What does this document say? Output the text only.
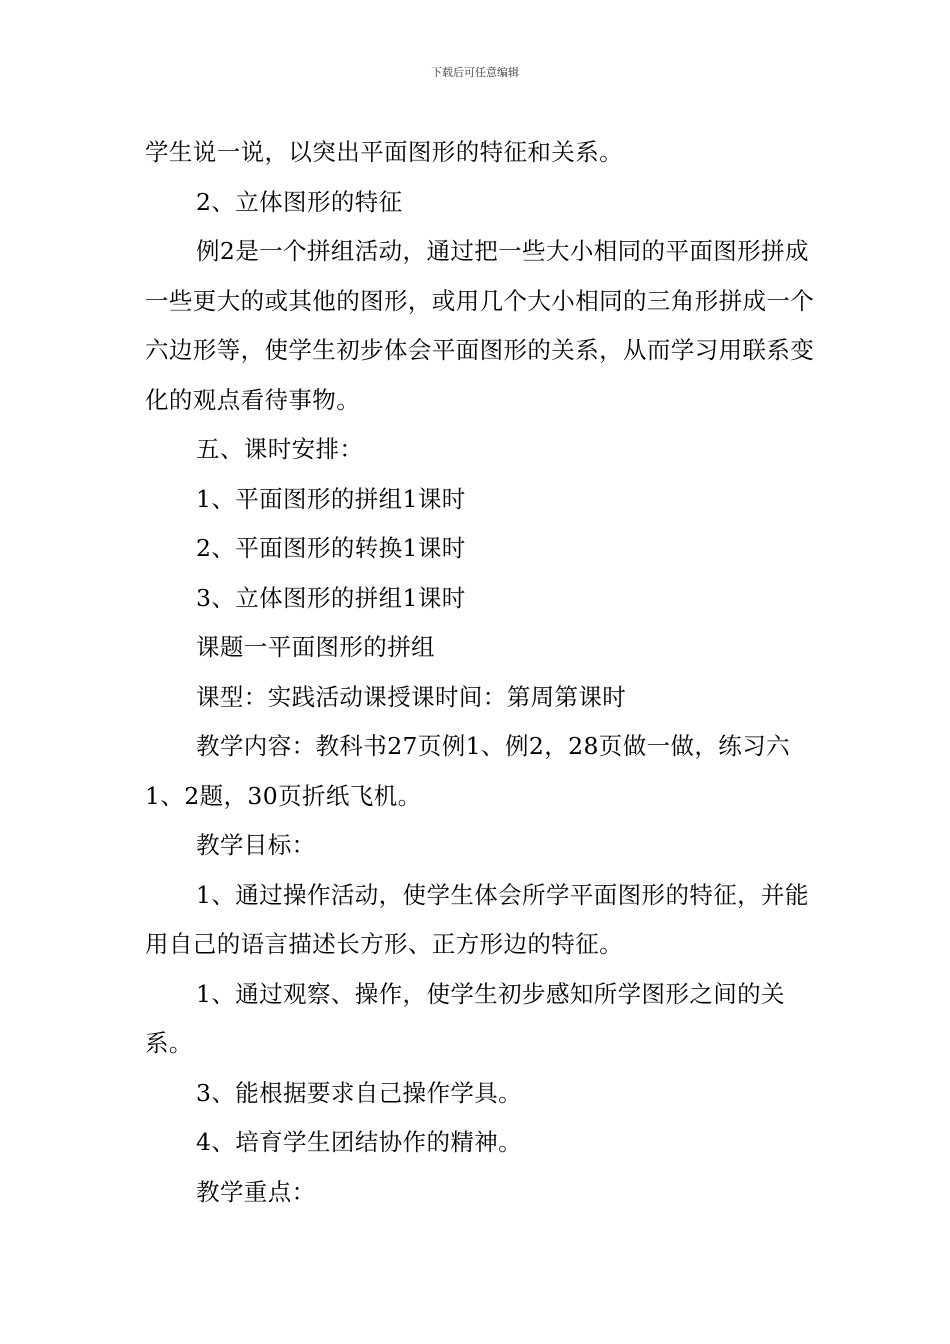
下载后可任意编辑

学生说一说，以突出平面图形的特征和关系。

2、立体图形的特征

例2是一个拼组活动，通过把一些大小相同的平面图形拼成一些更大的或其他的图形，或用几个大小相同的三角形拼成一个六边形等，使学生初步体会平面图形的关系，从而学习用联系变化的观点看待事物。

五、课时安排：

1、平面图形的拼组1课时

2、平面图形的转换1课时

3、立体图形的拼组1课时

课题一平面图形的拼组

课型：实践活动课授课时间：第周第课时

教学内容：教科书27页例1、例2，28页做一做，练习六1、2题，30页折纸飞机。

教学目标：

1、通过操作活动，使学生体会所学平面图形的特征，并能用自己的语言描述长方形、正方形边的特征。

1、通过观察、操作，使学生初步感知所学图形之间的关系。

3、能根据要求自己操作学具。

4、培育学生团结协作的精神。

教学重点：
